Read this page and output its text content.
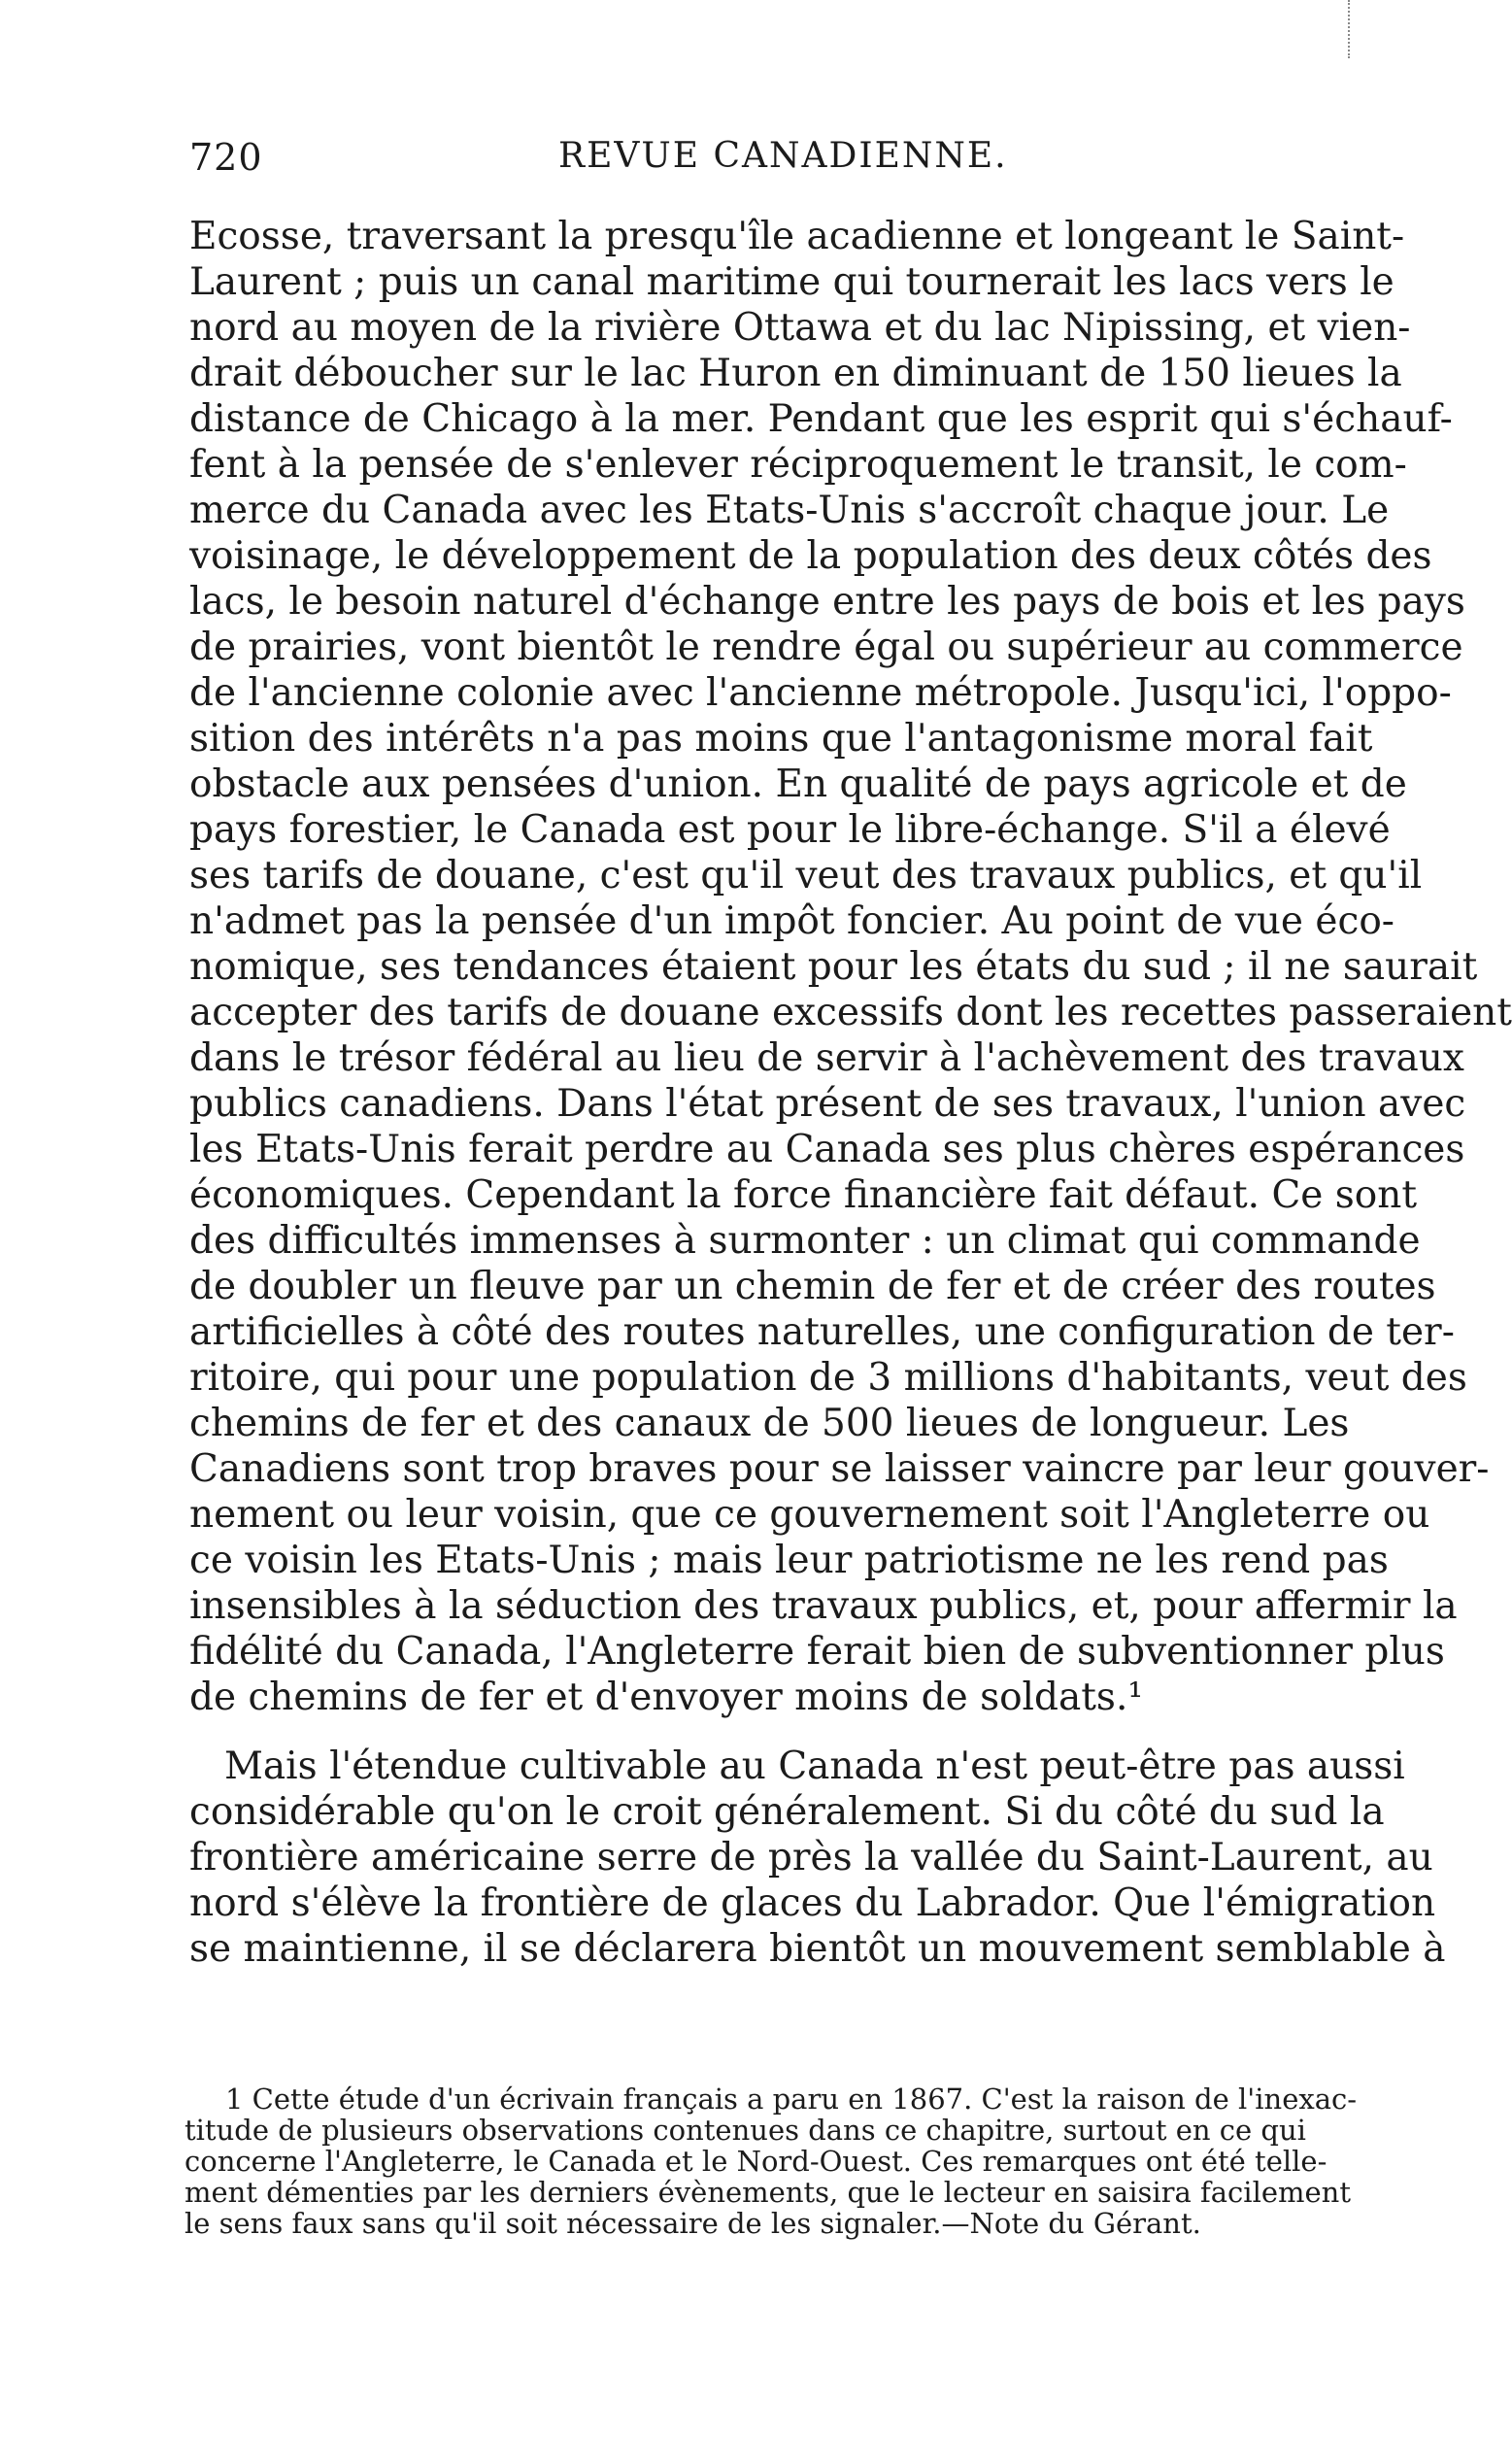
720	REVUE CANADIENNE.
Ecosse, traversant la presqu'île acadienne et longeant le Saint-
Laurent ; puis un canal maritime qui tournerait les lacs vers le
nord au moyen de la rivière Ottawa et du lac Nipissing, et vien-
drait déboucher sur le lac Huron en diminuant de 150 lieues la
distance de Chicago à la mer. Pendant que les esprit qui s'échauf-
fent à la pensée de s'enlever réciproquement le transit, le com-
merce du Canada avec les Etats-Unis s'accroît chaque jour. Le
voisinage, le développement de la population des deux côtés des
lacs, le besoin naturel d'échange entre les pays de bois et les pays
de prairies, vont bientôt le rendre égal ou supérieur au commerce
de l'ancienne colonie avec l'ancienne métropole. Jusqu'ici, l'oppo-
sition des intérêts n'a pas moins que l'antagonisme moral fait
obstacle aux pensées d'union. En qualité de pays agricole et de
pays forestier, le Canada est pour le libre-échange. S'il a élevé
ses tarifs de douane, c'est qu'il veut des travaux publics, et qu'il
n'admet pas la pensée d'un impôt foncier. Au point de vue éco-
nomique, ses tendances étaient pour les états du sud ; il ne saurait
accepter des tarifs de douane excessifs dont les recettes passeraient
dans le trésor fédéral au lieu de servir à l'achèvement des travaux
publics canadiens. Dans l'état présent de ses travaux, l'union avec
les Etats-Unis ferait perdre au Canada ses plus chères espérances
économiques. Cependant la force financière fait défaut. Ce sont
des difficultés immenses à surmonter : un climat qui commande
de doubler un fleuve par un chemin de fer et de créer des routes
artificielles à côté des routes naturelles, une configuration de ter-
ritoire, qui pour une population de 3 millions d'habitants, veut des
chemins de fer et des canaux de 500 lieues de longueur. Les
Canadiens sont trop braves pour se laisser vaincre par leur gouver-
nement ou leur voisin, que ce gouvernement soit l'Angleterre ou
ce voisin les Etats-Unis ; mais leur patriotisme ne les rend pas
insensibles à la séduction des travaux publics, et, pour affermir la
fidélité du Canada, l'Angleterre ferait bien de subventionner plus
de chemins de fer et d'envoyer moins de soldats.¹
Mais l'étendue cultivable au Canada n'est peut-être pas aussi
considérable qu'on le croit généralement. Si du côté du sud la
frontière américaine serre de près la vallée du Saint-Laurent, au
nord s'élève la frontière de glaces du Labrador. Que l'émigration
se maintienne, il se déclarera bientôt un mouvement semblable à
1 Cette étude d'un écrivain français a paru en 1867. C'est la raison de l'inexac-
titude de plusieurs observations contenues dans ce chapitre, surtout en ce qui
concerne l'Angleterre, le Canada et le Nord-Ouest. Ces remarques ont été telle-
ment démenties par les derniers évènements, que le lecteur en saisira facilement
le sens faux sans qu'il soit nécessaire de les signaler.—Note du Gérant.
